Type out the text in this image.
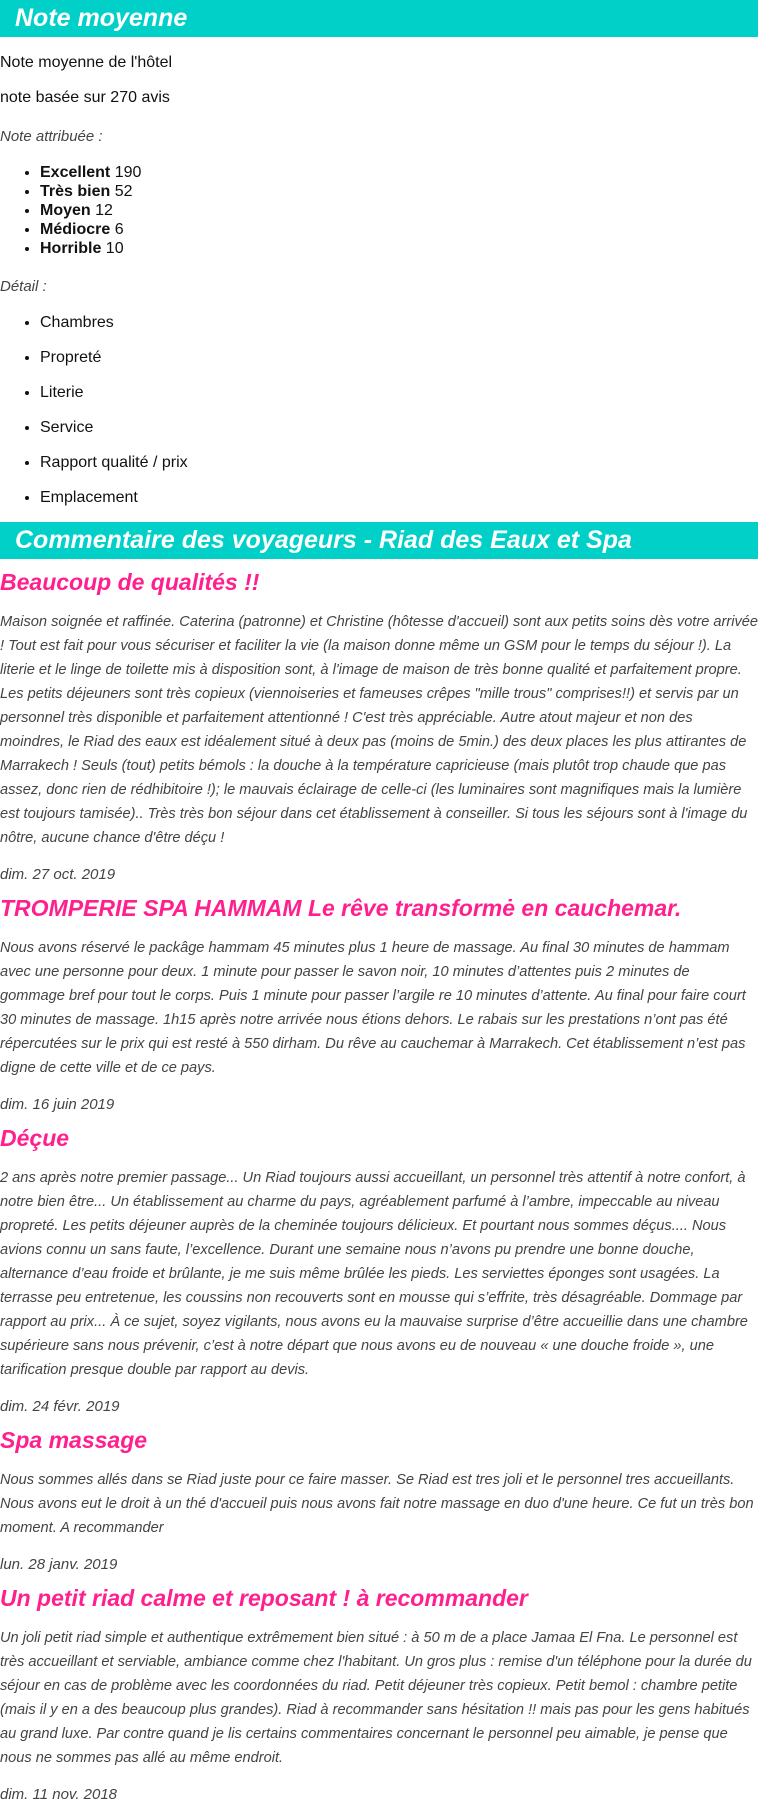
Note moyenne

Note moyenne de l'hôtel

note basée sur 270 avis

Note attribuée :

• Excellent 190
• Très bien 52
• Moyen 12
• Médiocre 6
• Horrible 10

Détail :

• Chambres
• Propreté
• Literie
• Service
• Rapport qualité / prix
• Emplacement
Commentaire des voyageurs - Riad des Eaux et Spa
Beaucoup de qualités !!

Maison soignée et raffinée. Caterina (patronne) et Christine (hôtesse d'accueil) sont aux petits soins dès votre arrivée ! Tout est fait pour vous sécuriser et faciliter la vie (la maison donne même un GSM pour le temps du séjour !). La literie et le linge de toilette mis à disposition sont, à l'image de maison de très bonne qualité et parfaitement propre. Les petits déjeuners sont très copieux (viennoiseries et fameuses crêpes "mille trous" comprises!!) et servis par un personnel très disponible et parfaitement attentionné ! C'est très appréciable. Autre atout majeur et non des moindres, le Riad des eaux est idéalement situé à deux pas (moins de 5min.) des deux places les plus attirantes de Marrakech ! Seuls (tout) petits bémols : la douche à la température capricieuse (mais plutôt trop chaude que pas assez, donc rien de rédhibitoire !); le mauvais éclairage de celle-ci (les luminaires sont magnifiques mais la lumière est toujours tamisée).. Très très bon séjour dans cet établissement à conseiller. Si tous les séjours sont à l'image du nôtre, aucune chance d'être déçu !

dim. 27 oct. 2019

TROMPERIE SPA HAMMAM Le rêve transformė en cauchemar.

Nous avons réservé le packâge hammam 45 minutes plus 1 heure de massage. Au final 30 minutes de hammam avec une personne pour deux. 1 minute pour passer le savon noir, 10 minutes d’attentes puis 2 minutes de gommage bref pour tout le corps. Puis 1 minute pour passer l’argile re 10 minutes d’attente. Au final pour faire court 30 minutes de massage. 1h15 après notre arrivée nous étions dehors. Le rabais sur les prestations n’ont pas été répercutées sur le prix qui est resté à 550 dirham. Du rêve au cauchemar à Marrakech. Cet établissement n’est pas digne de cette ville et de ce pays.

dim. 16 juin 2019

Déçue

2 ans après notre premier passage... Un Riad toujours aussi accueillant, un personnel très attentif à notre confort, à notre bien être... Un établissement au charme du pays, agréablement parfumé à l’ambre, impeccable au niveau propreté. Les petits déjeuner auprès de la cheminée toujours délicieux. Et pourtant nous sommes déçus.... Nous avions connu un sans faute, l’excellence. Durant une semaine nous n’avons pu prendre une bonne douche, alternance d’eau froide et brûlante, je me suis même brûlée les pieds. Les serviettes éponges sont usagées. La terrasse peu entretenue, les coussins non recouverts sont en mousse qui s’effrite, très désagréable. Dommage par rapport au prix... À ce sujet, soyez vigilants, nous avons eu la mauvaise surprise d’être accueillie dans une chambre supérieure sans nous prévenir, c’est à notre départ que nous avons eu de nouveau « une douche froide », une tarification presque double par rapport au devis.

dim. 24 févr. 2019

Spa massage

Nous sommes allés dans se Riad juste pour ce faire masser. Se Riad est tres joli et le personnel tres accueillants. Nous avons eut le droit à un thé d'accueil puis nous avons fait notre massage en duo d'une heure. Ce fut un très bon moment. A recommander

lun. 28 janv. 2019

Un petit riad calme et reposant ! à recommander

Un joli petit riad simple et authentique extrêmement bien situé : à 50 m de a place Jamaa El Fna. Le personnel est très accueillant et serviable, ambiance comme chez l'habitant. Un gros plus : remise d'un téléphone pour la durée du séjour en cas de problème avec les coordonnées du riad. Petit déjeuner très copieux. Petit bemol : chambre petite (mais il y en a des beaucoup plus grandes). Riad à recommander sans hésitation !! mais pas pour les gens habitués au grand luxe. Par contre quand je lis certains commentaires concernant le personnel peu aimable, je pense que nous ne sommes pas allé au même endroit.

dim. 11 nov. 2018
